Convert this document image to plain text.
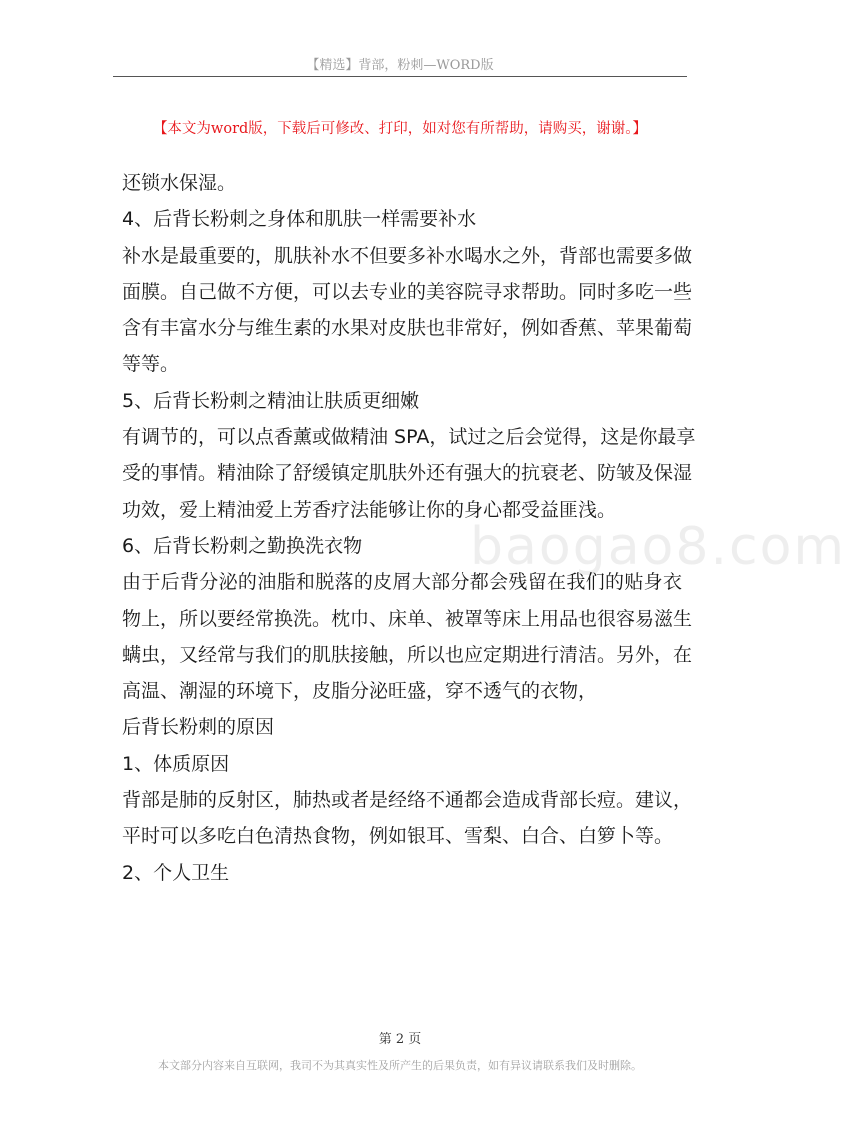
【精选】背部，粉刺—WORD版
【本文为word版，下载后可修改、打印，如对您有所帮助，请购买，谢谢。】
baogao8.com
还锁水保湿。
4、后背长粉刺之身体和肌肤一样需要补水
补水是最重要的，肌肤补水不但要多补水喝水之外，背部也需要多做
面膜。自己做不方便，可以去专业的美容院寻求帮助。同时多吃一些
含有丰富水分与维生素的水果对皮肤也非常好，例如香蕉、苹果葡萄
等等。
5、后背长粉刺之精油让肤质更细嫩
有调节的，可以点香薰或做精油 SPA，试过之后会觉得，这是你最享
受的事情。精油除了舒缓镇定肌肤外还有强大的抗衰老、防皱及保湿
功效，爱上精油爱上芳香疗法能够让你的身心都受益匪浅。
6、后背长粉刺之勤换洗衣物
由于后背分泌的油脂和脱落的皮屑大部分都会残留在我们的贴身衣
物上，所以要经常换洗。枕巾、床单、被罩等床上用品也很容易滋生
螨虫，又经常与我们的肌肤接触，所以也应定期进行清洁。另外，在
高温、潮湿的环境下，皮脂分泌旺盛，穿不透气的衣物，
后背长粉刺的原因
1、体质原因
背部是肺的反射区，肺热或者是经络不通都会造成背部长痘。建议，
平时可以多吃白色清热食物，例如银耳、雪梨、白合、白箩卜等。
2、个人卫生
第 2 页
本文部分内容来自互联网，我司不为其真实性及所产生的后果负责，如有异议请联系我们及时删除。
